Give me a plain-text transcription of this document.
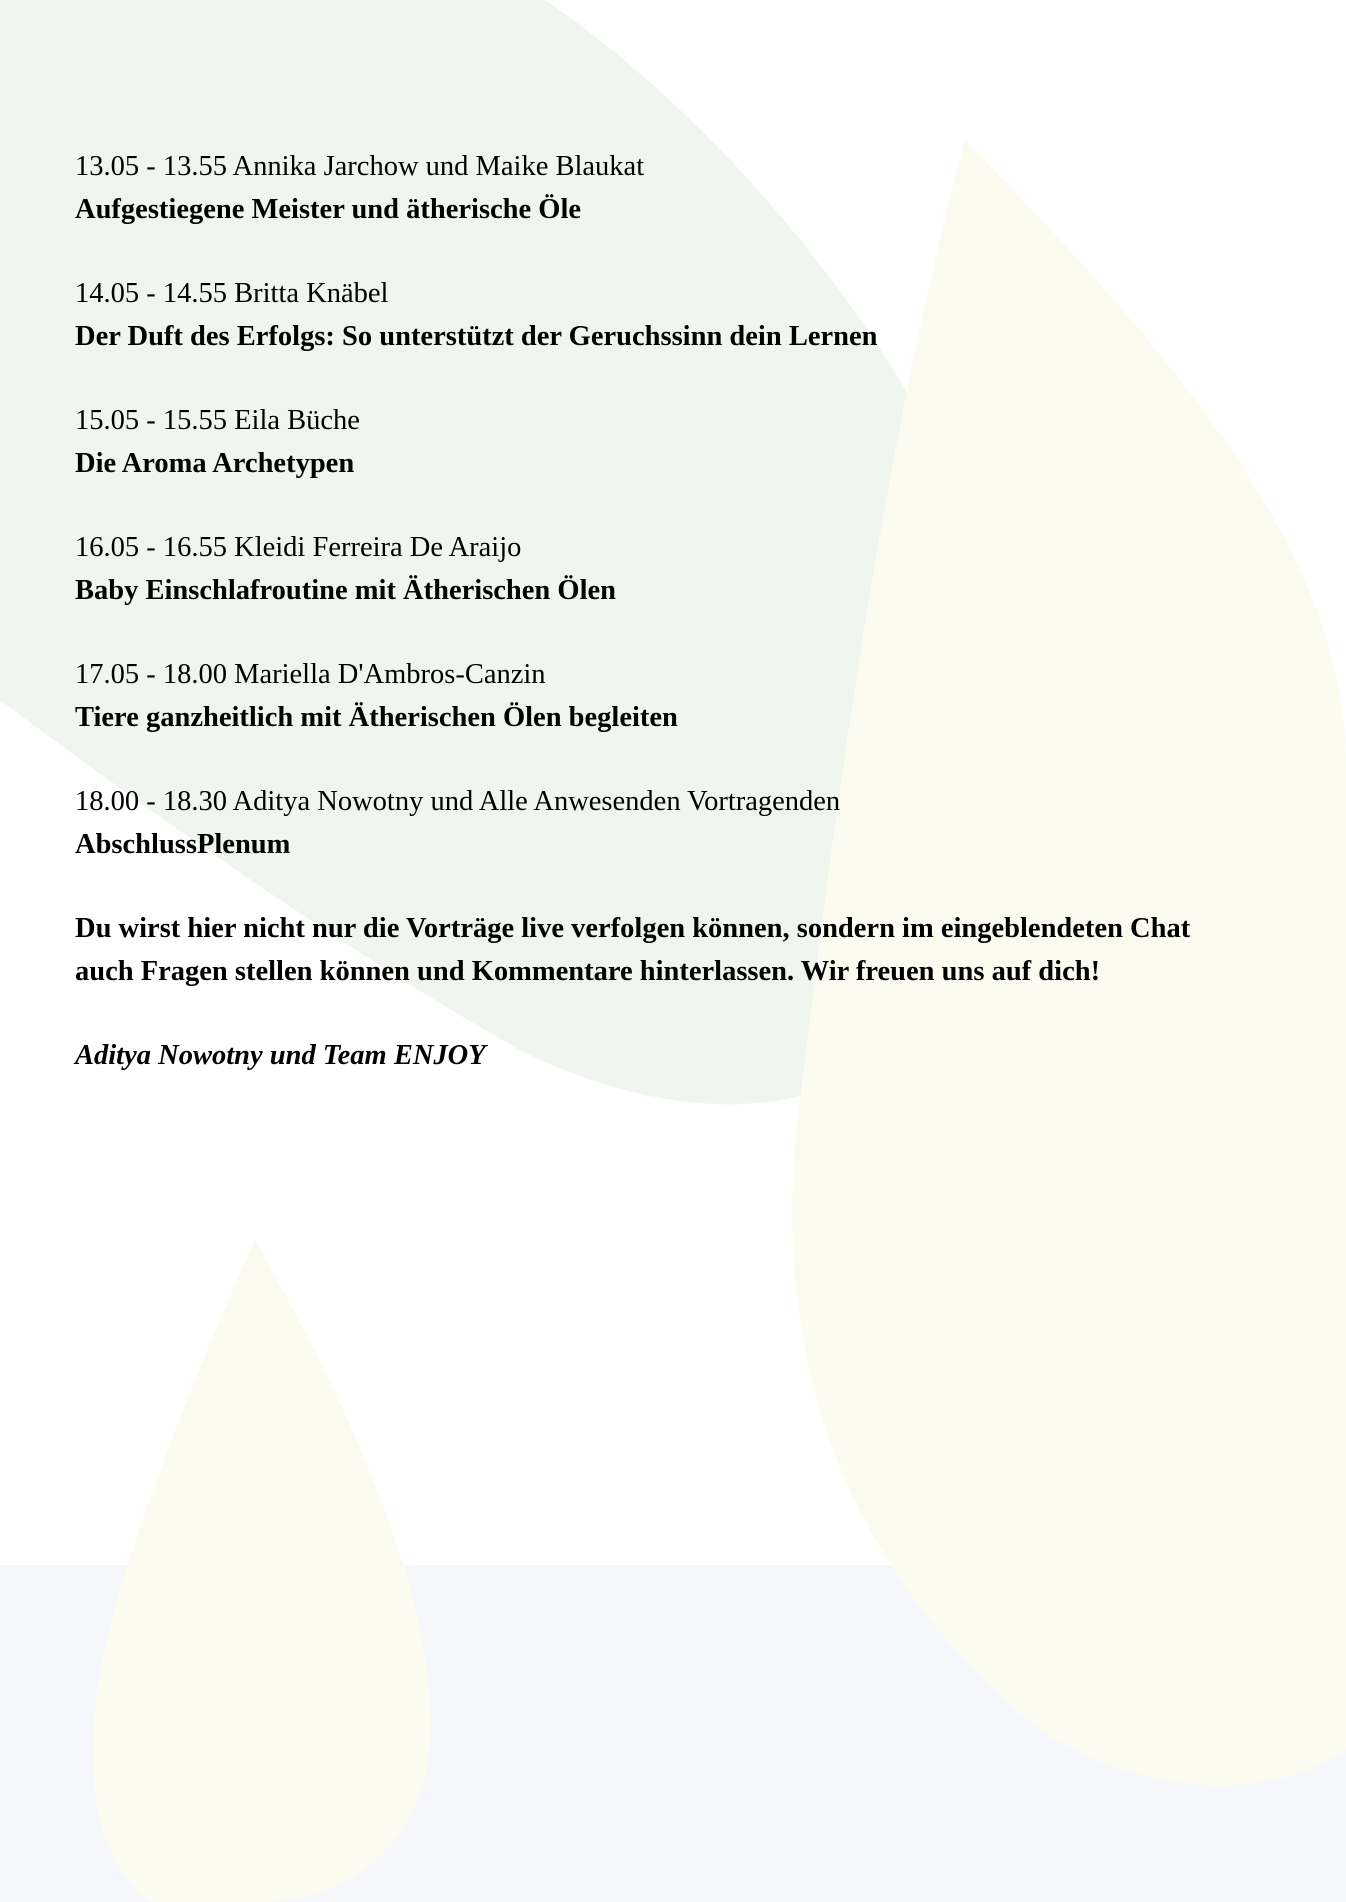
13.05 - 13.55 Annika Jarchow und Maike Blaukat
Aufgestiegene Meister und ätherische Öle
14.05 - 14.55 Britta Knäbel
Der Duft des Erfolgs: So unterstützt der Geruchssinn dein Lernen
15.05 - 15.55 Eila Büche
Die Aroma Archetypen
16.05 - 16.55 Kleidi Ferreira De Araijo
Baby Einschlafroutine mit Ätherischen Ölen
17.05 - 18.00 Mariella D'Ambros-Canzin
Tiere ganzheitlich mit Ätherischen Ölen begleiten
18.00 - 18.30 Aditya Nowotny und Alle Anwesenden Vortragenden
AbschlussPlenum
Du wirst hier nicht nur die Vorträge live verfolgen können, sondern im eingeblendeten Chat
auch Fragen stellen können und Kommentare hinterlassen. Wir freuen uns auf dich!
Aditya Nowotny und Team ENJOY
